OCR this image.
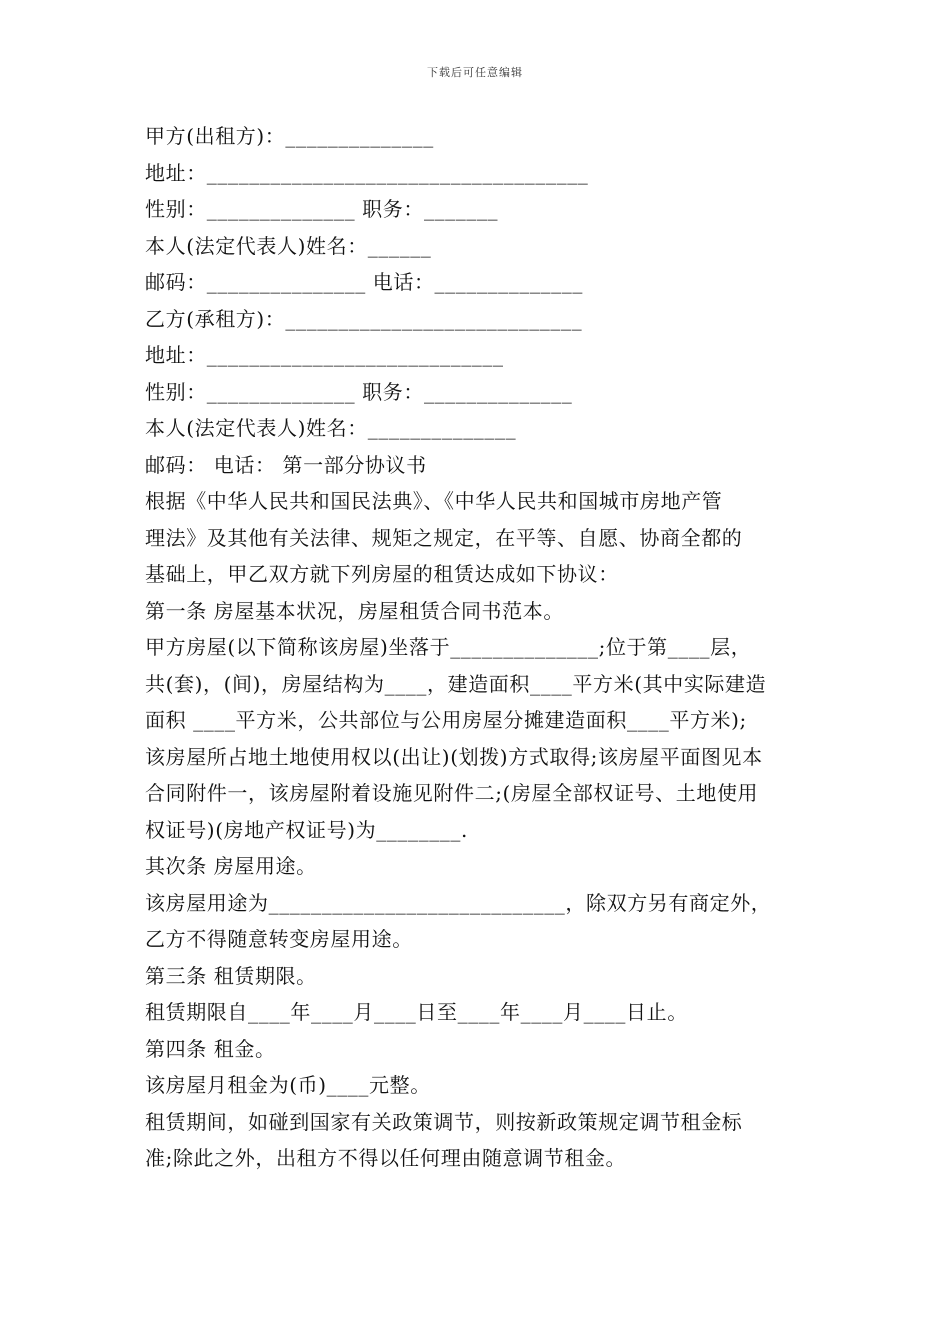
下载后可任意编辑
甲方(出租方)：______________
地址：____________________________________
性别：______________ 职务：_______
本人(法定代表人)姓名：______
邮码：_______________ 电话：______________
乙方(承租方)：____________________________
地址：____________________________
性别：______________ 职务：______________
本人(法定代表人)姓名：______________
邮码： 电话： 第一部分协议书
根据《中华人民共和国民法典》、《中华人民共和国城市房地产管
理法》及其他有关法律、规矩之规定，在平等、自愿、协商全都的
基础上，甲乙双方就下列房屋的租赁达成如下协议：
第一条 房屋基本状况，房屋租赁合同书范本。
甲方房屋(以下简称该房屋)坐落于______________;位于第____层，
共(套)，(间)，房屋结构为____，建造面积____平方米(其中实际建造
面积 ____平方米，公共部位与公用房屋分摊建造面积____平方米);
该房屋所占地土地使用权以(出让)(划拨)方式取得;该房屋平面图见本
合同附件一，该房屋附着设施见附件二;(房屋全部权证号、土地使用
权证号)(房地产权证号)为________.
其次条 房屋用途。
该房屋用途为____________________________，除双方另有商定外，
乙方不得随意转变房屋用途。
第三条 租赁期限。
租赁期限自____年____月____日至____年____月____日止。
第四条 租金。
该房屋月租金为(币)____元整。
租赁期间，如碰到国家有关政策调节，则按新政策规定调节租金标
准;除此之外，出租方不得以任何理由随意调节租金。
